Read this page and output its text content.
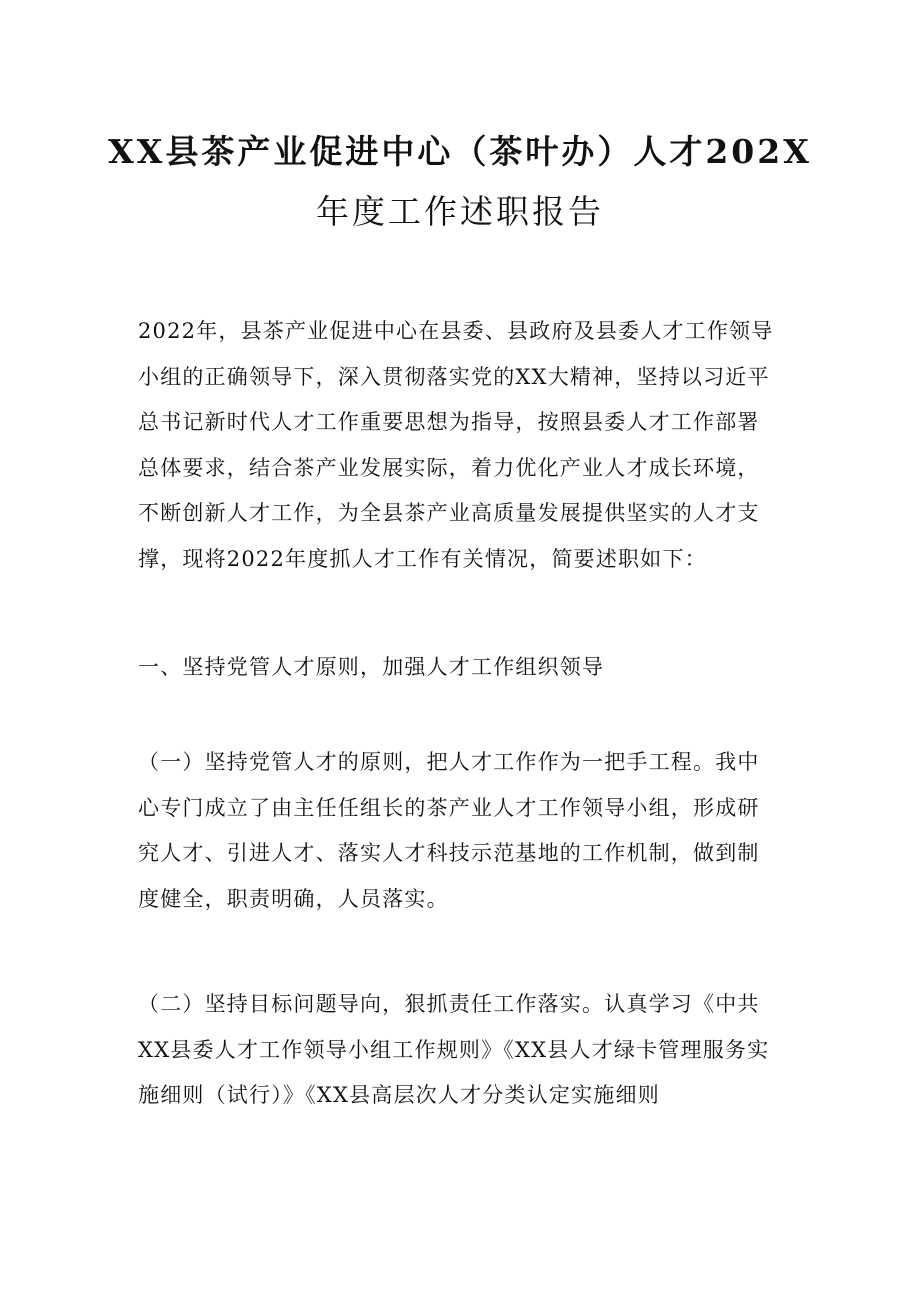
XX县茶产业促进中心（茶叶办）人才202X
年度工作述职报告
2022年，县茶产业促进中心在县委、县政府及县委人才工作领导
小组的正确领导下，深入贯彻落实党的XX大精神，坚持以习近平
总书记新时代人才工作重要思想为指导，按照县委人才工作部署
总体要求，结合茶产业发展实际，着力优化产业人才成长环境，
不断创新人才工作，为全县茶产业高质量发展提供坚实的人才支
撑，现将2022年度抓人才工作有关情况，简要述职如下：
一、坚持党管人才原则，加强人才工作组织领导
（一）坚持党管人才的原则，把人才工作作为一把手工程。我中
心专门成立了由主任任组长的茶产业人才工作领导小组，形成研
究人才、引进人才、落实人才科技示范基地的工作机制，做到制
度健全，职责明确，人员落实。
（二）坚持目标问题导向，狠抓责任工作落实。认真学习《中共
XX县委人才工作领导小组工作规则》《XX县人才绿卡管理服务实
施细则（试行）》《XX县高层次人才分类认定实施细则
